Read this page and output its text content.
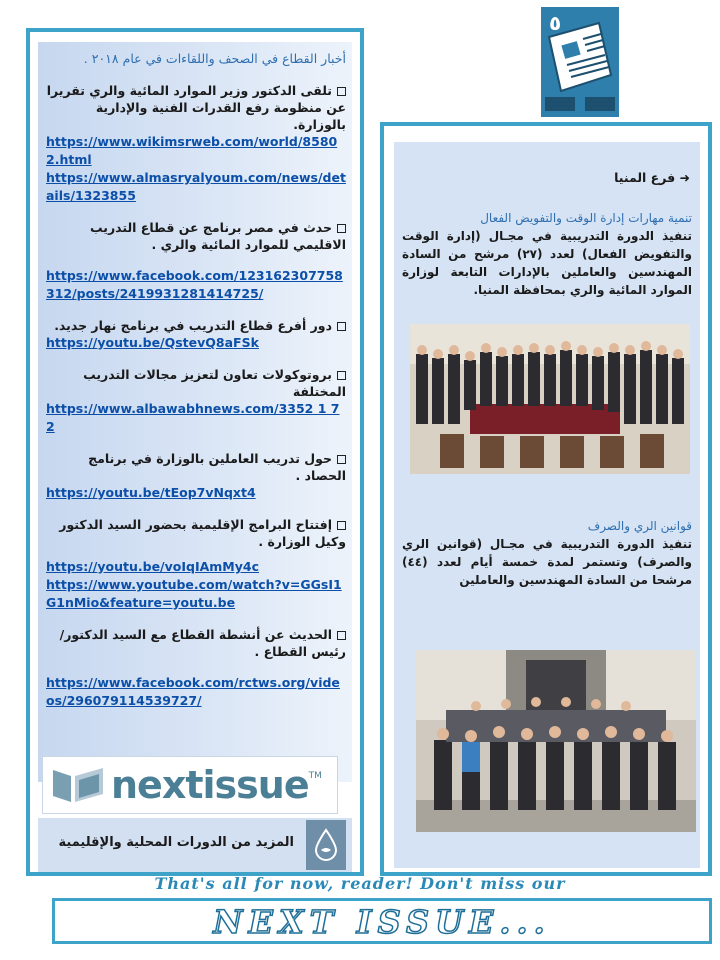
أخبار القطاع في الصحف واللقاءات في عام ٢٠١٨ .
تلقى الدكتور وزير الموارد المائية والري تقريرا عن منظومة رفع القدرات الفنية والإدارية بالوزارة.
https://www.wikimsrweb.com/world/85802.html
https://www.almasryalyoum.com/news/details/1323855
حدث في مصر برنامج عن قطاع التدريب الاقليمي للموارد المائية والري .
https://www.facebook.com/123162307758312/posts/2419931281414725/
دور أفرع قطاع التدريب في برنامج نهار جديد.
https://youtu.be/QstevQ8aFSk
بروتوكولات تعاون لتعزيز مجالات التدريب المختلفة
https://www.albawabhnews.com/3352 1 72
حول تدريب العاملين بالوزارة في برنامج الحصاد .
https://youtu.be/tEop7vNqxt4
إفتتاح البرامج الإقليمية بحضور السيد الدكتور وكيل الوزارة .
https://youtu.be/voIqIAmMy4c
https://www.youtube.com/watch?v=GGsI1G1nMio&feature=youtu.be
الحديث عن أنشطة القطاع مع السيد الدكتور/ رئيس القطاع .
https://www.facebook.com/rctws.org/videos/296079114539727/
nextissue TM
المزيد من الدورات المحلية والإقليمية
٥
➜ فرع المنيا
تنمية مهارات إدارة الوقت والتفويض الفعال
تنفيذ الدورة التدريبية في مجـال (إدارة الوقت والتفويض الفعال) لعدد (٢٧) مرشح من السادة المهندسين والعاملين بالإدارات التابعة لوزارة الموارد المائية والري بمحافظة المنيا.
قوانين الري والصرف
تنفيذ الدورة التدريبية في مجـال (قوانين الري والصرف) وتستمر لمدة خمسة أيام لعدد (٤٤) مرشحا من السادة المهندسين والعاملين
That's all for now, reader! Don't miss our
NEXT ISSUE...
